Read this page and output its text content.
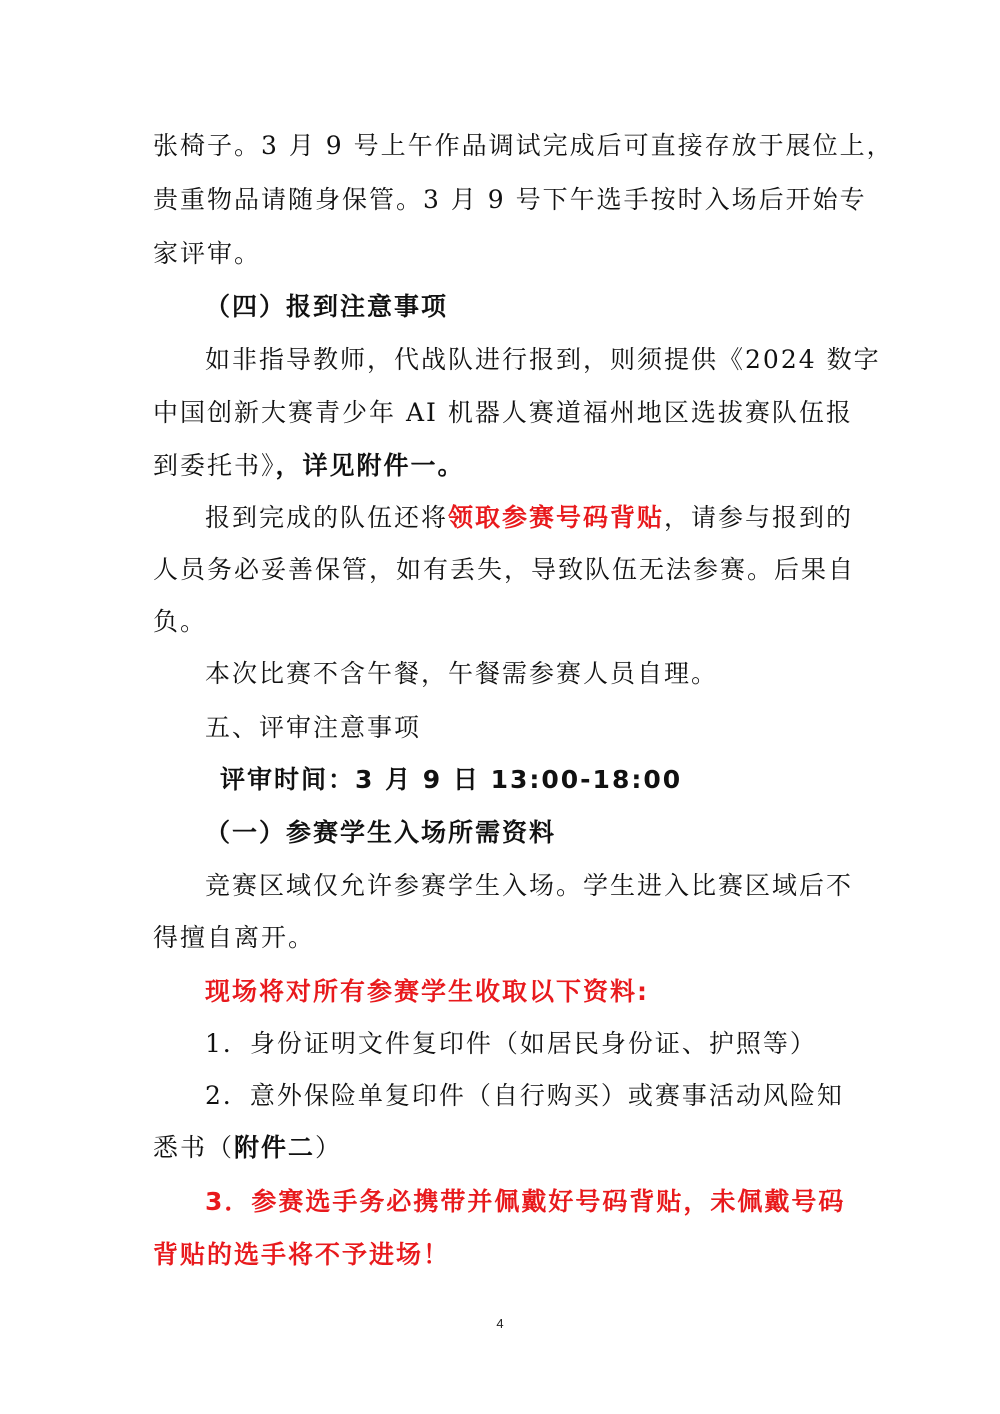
张椅子。3 月 9 号上午作品调试完成后可直接存放于展位上，
贵重物品请随身保管。3 月 9 号下午选手按时入场后开始专
家评审。
（四）报到注意事项
如非指导教师，代战队进行报到，则须提供《2024 数字
中国创新大赛青少年 AI 机器人赛道福州地区选拔赛队伍报
到委托书》，详见附件一。
报到完成的队伍还将领取参赛号码背贴，请参与报到的
人员务必妥善保管，如有丢失，导致队伍无法参赛。后果自
负。
本次比赛不含午餐，午餐需参赛人员自理。
五、评审注意事项
评审时间：3 月 9 日 13:00-18:00
（一）参赛学生入场所需资料
竞赛区域仅允许参赛学生入场。学生进入比赛区域后不
得擅自离开。
现场将对所有参赛学生收取以下资料:
1．身份证明文件复印件（如居民身份证、护照等）
2．意外保险单复印件（自行购买）或赛事活动风险知
悉书（附件二）
3．参赛选手务必携带并佩戴好号码背贴，未佩戴号码
背贴的选手将不予进场！
4
